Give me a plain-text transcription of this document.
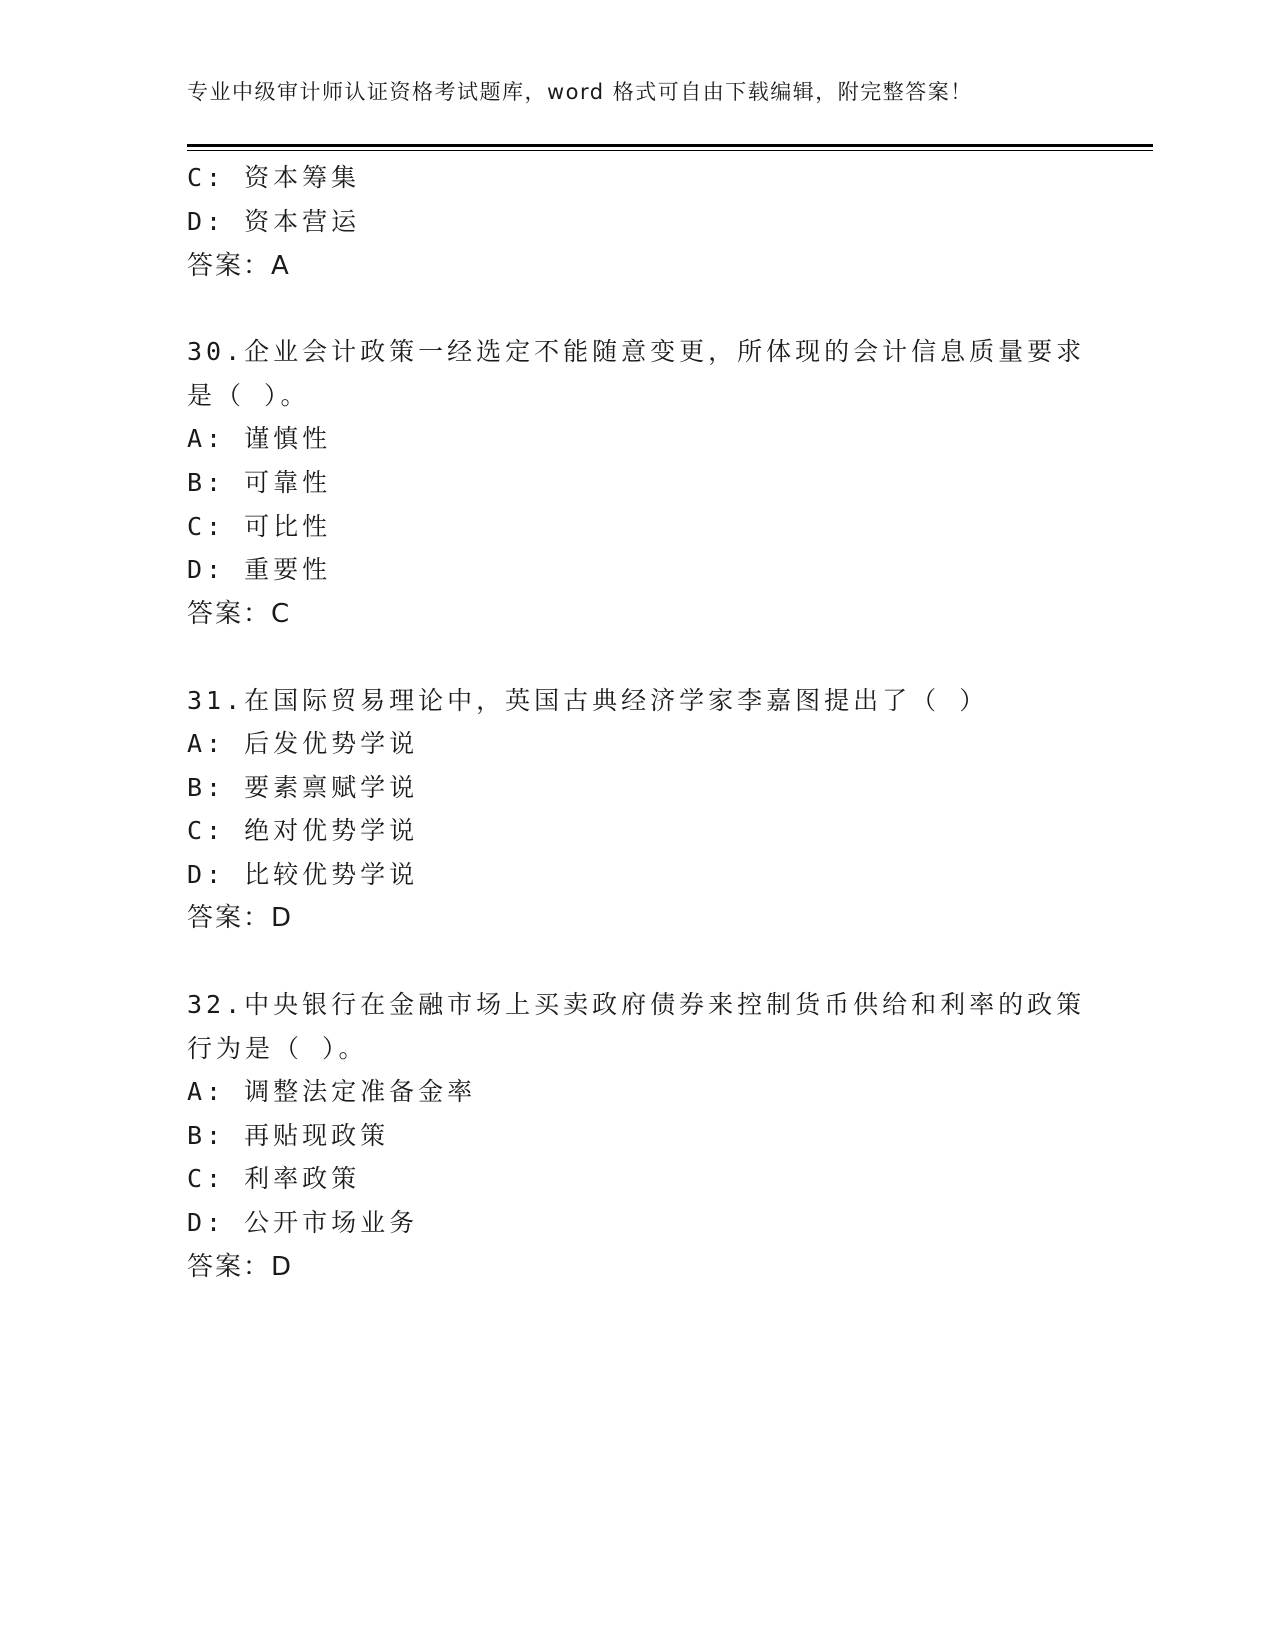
专业中级审计师认证资格考试题库，word 格式可自由下载编辑，附完整答案！
C: 资本筹集
D: 资本营运
答案：A
30.企业会计政策一经选定不能随意变更，所体现的会计信息质量要求
是（ ）。
A: 谨慎性
B: 可靠性
C: 可比性
D: 重要性
答案：C
31.在国际贸易理论中，英国古典经济学家李嘉图提出了（ ）
A: 后发优势学说
B: 要素禀赋学说
C: 绝对优势学说
D: 比较优势学说
答案：D
32.中央银行在金融市场上买卖政府债券来控制货币供给和利率的政策
行为是（ ）。
A: 调整法定准备金率
B: 再贴现政策
C: 利率政策
D: 公开市场业务
答案：D
